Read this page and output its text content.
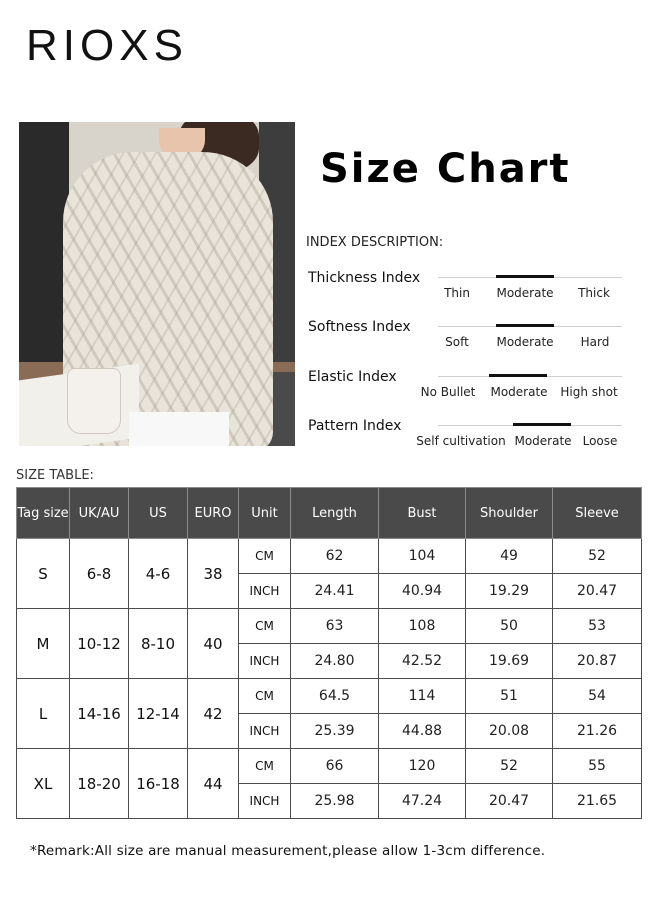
RIOXS
Size Chart
INDEX DESCRIPTION:
Thickness Index
Thin Moderate Thick
Softness Index
Soft Moderate Hard
Elastic Index
No Bullet Moderate High shot
Pattern Index
Self cultivation Moderate Loose
SIZE TABLE:
Tag size	UK/AU	US	EURO	Unit	Length	Bust	Shoulder	Sleeve
S	6-8	4-6	38	CM	62	104	49	52
				INCH	24.41	40.94	19.29	20.47
M	10-12	8-10	40	CM	63	108	50	53
				INCH	24.80	42.52	19.69	20.87
L	14-16	12-14	42	CM	64.5	114	51	54
				INCH	25.39	44.88	20.08	21.26
XL	18-20	16-18	44	CM	66	120	52	55
				INCH	25.98	47.24	20.47	21.65
*Remark:All size are manual measurement,please allow 1-3cm difference.
